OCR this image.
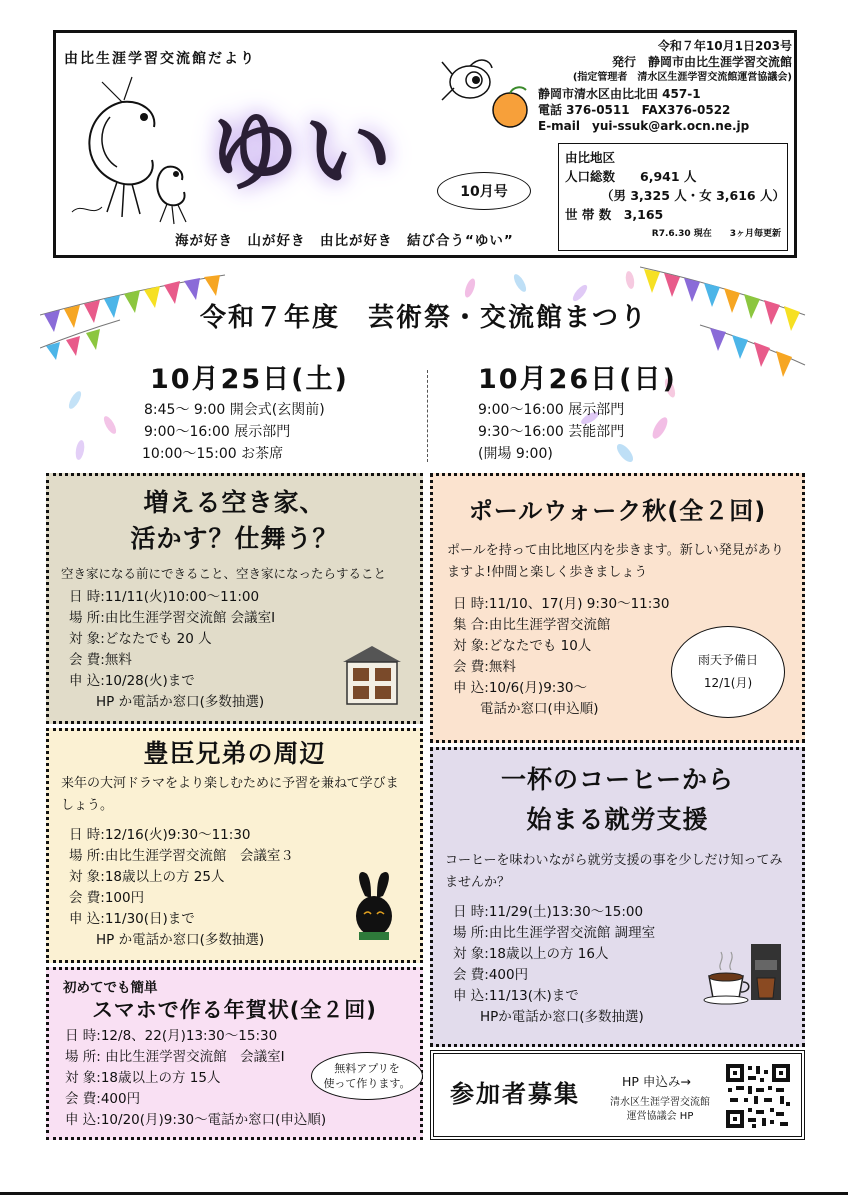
由比生涯学習交流館だより
ゆい	10月号
海が好き　山が好き　由比が好き　結び合う“ゆい”
令和７年10月1日203号
発行　静岡市由比生涯学習交流館
(指定管理者　清水区生涯学習交流館運営協議会)
静岡市清水区由比北田 457-1
電話 376-0511　FAX376-0522
E-mail　yui-ssuk@ark.ocn.ne.jp
由比地区
人口総数　　6,941 人
（男 3,325 人・女 3,616 人）
世 帯 数　3,165
R7.6.30 現在　　3ヶ月毎更新
令和７年度　芸術祭・交流館まつり
10月25日(土)
8:45～ 9:00 開会式(玄関前)
9:00～16:00 展示部門
10:00～15:00 お茶席
10月26日(日)
9:00～16:00 展示部門
9:30～16:00 芸能部門
(開場 9:00)
増える空き家、
活かす？仕舞う？
空き家になる前にできること、空き家になったらすること
日 時:11/11(火)10:00～11:00
場 所:由比生涯学習交流館 会議室Ⅰ
対 象:どなたでも 20 人
会 費:無料
申 込:10/28(火)まで
　　HP か電話か窓口(多数抽選)
ポールウォーク秋(全２回)
ポールを持って由比地区内を歩きます。新しい発見がありますよ!仲間と楽しく歩きましょう
日 時:11/10、17(月) 9:30～11:30
集 合:由比生涯学習交流館
対 象:どなたでも 10人
会 費:無料
申 込:10/6(月)9:30～
　　電話か窓口(申込順)
雨天予備日
12/1(月)
豊臣兄弟の周辺
来年の大河ドラマをより楽しむために予習を兼ねて学びましょう。
日 時:12/16(火)9:30～11:30
場 所:由比生涯学習交流館　会議室３
対 象:18歳以上の方 25人
会 費:100円
申 込:11/30(日)まで
　　HP か電話か窓口(多数抽選)
一杯のコーヒーから
始まる就労支援
コーヒーを味わいながら就労支援の事を少しだけ知ってみませんか？
日 時:11/29(土)13:30～15:00
場 所:由比生涯学習交流館 調理室
対 象:18歳以上の方 16人
会 費:400円
申 込:11/13(木)まで
　　HPか電話か窓口(多数抽選)
初めてでも簡単
スマホで作る年賀状(全２回)
日 時:12/8、22(月)13:30～15:30
場 所: 由比生涯学習交流館　会議室Ⅰ
対 象:18歳以上の方 15人
会 費:400円
申 込:10/20(月)9:30～電話か窓口(申込順)
無料アプリを
使って作ります。 参加者募集	HP 申込み→
清水区生涯学習交流館
運営協議会 HP
